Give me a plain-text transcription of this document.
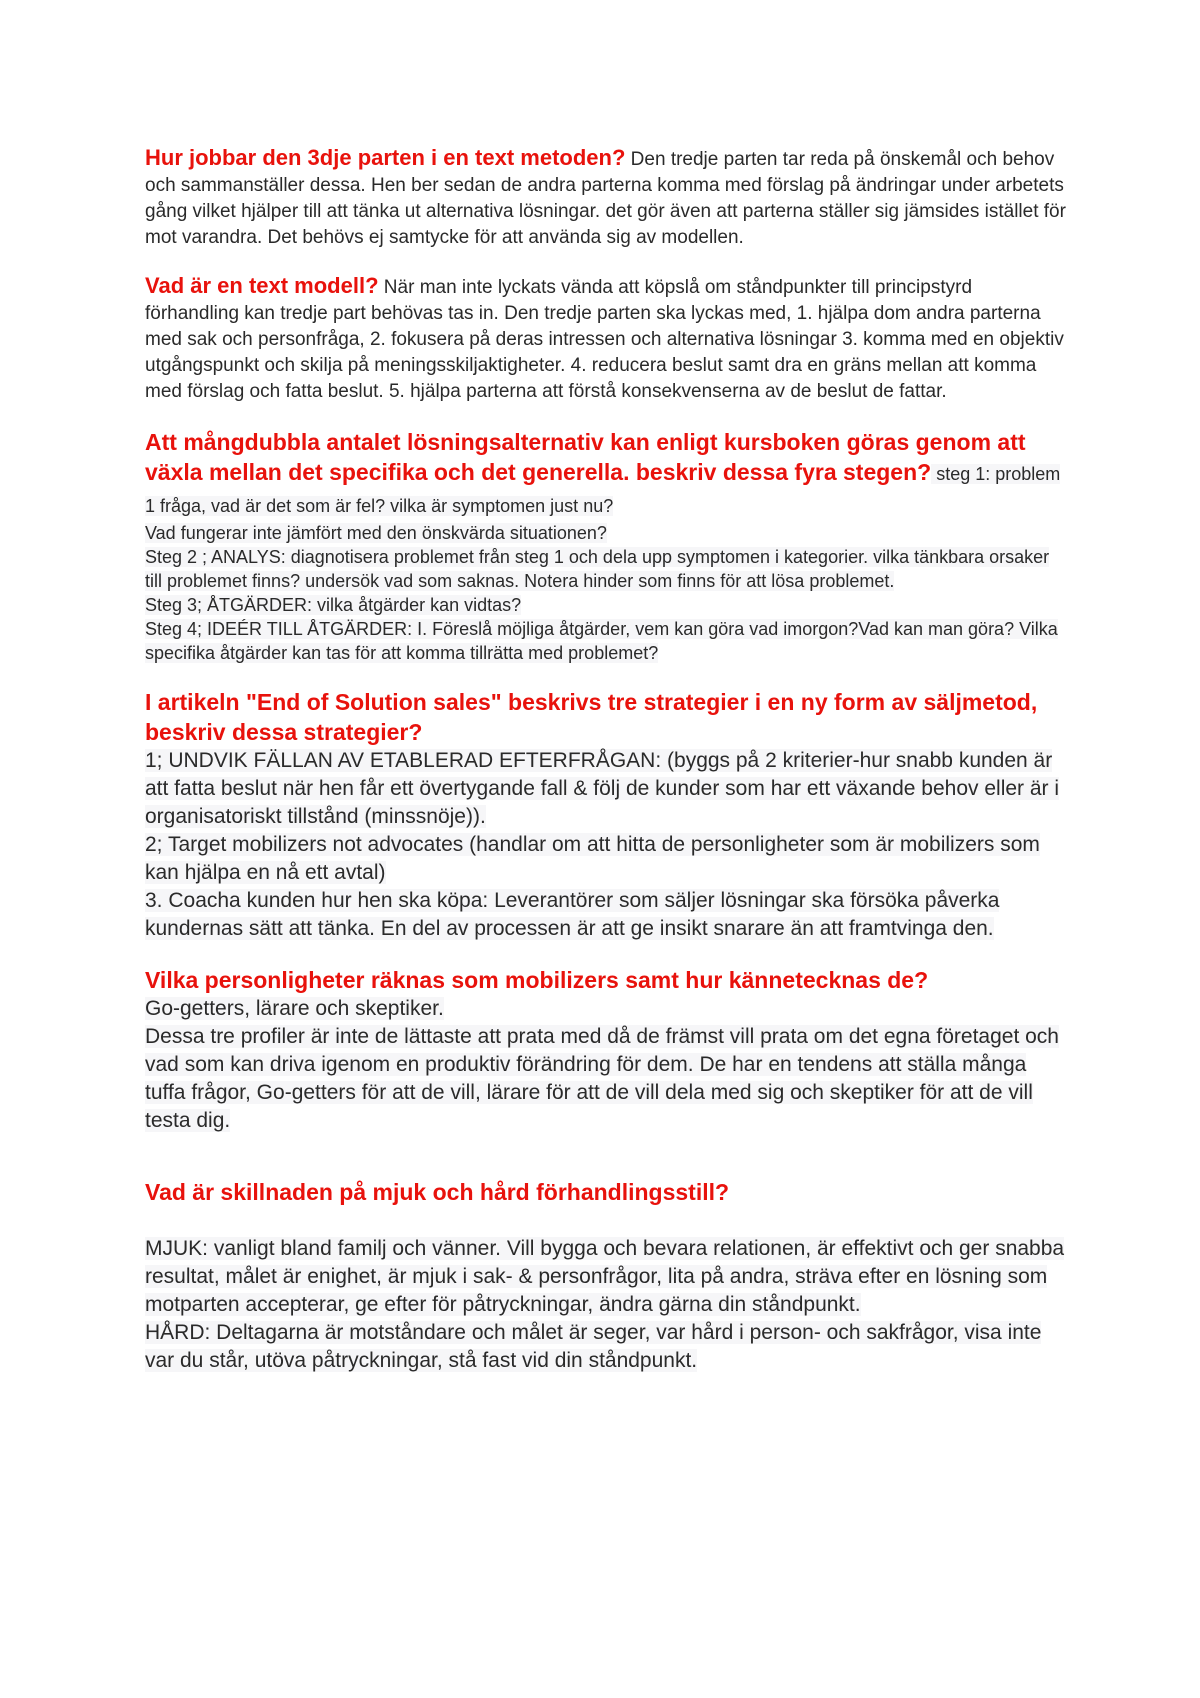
Hur jobbar den 3dje parten i en text metoden? Den tredje parten tar reda på önskemål och behov och sammanställer dessa. Hen ber sedan de andra parterna komma med förslag på ändringar under arbetets gång vilket hjälper till att tänka ut alternativa lösningar. det gör även att parterna ställer sig jämsides istället för mot varandra. Det behövs ej samtycke för att använda sig av modellen.

Vad är en text modell? När man inte lyckats vända att köpslå om ståndpunkter till principstyrd förhandling kan tredje part behövas tas in. Den tredje parten ska lyckas med, 1. hjälpa dom andra parterna med sak och personfråga, 2. fokusera på deras intressen och alternativa lösningar 3. komma med en objektiv utgångspunkt och skilja på meningsskiljaktigheter. 4. reducera beslut samt dra en gräns mellan att komma med förslag och fatta beslut. 5. hjälpa parterna att förstå konsekvenserna av de beslut de fattar.

Att mångdubbla antalet lösningsalternativ kan enligt kursboken göras genom att växla mellan det specifika och det generella. beskriv dessa fyra stegen? steg 1: problem 1 fråga, vad är det som är fel? vilka är symptomen just nu?
Vad fungerar inte jämfört med den önskvärda situationen?
Steg 2 ; ANALYS: diagnotisera problemet från steg 1 och dela upp symptomen i kategorier. vilka tänkbara orsaker till problemet finns? undersök vad som saknas. Notera hinder som finns för att lösa problemet.
Steg 3; ÅTGÄRDER: vilka åtgärder kan vidtas?
Steg 4; IDEÉR TILL ÅTGÄRDER: I. Föreslå möjliga åtgärder, vem kan göra vad imorgon?Vad kan man göra? Vilka specifika åtgärder kan tas för att komma tillrätta med problemet?
I artikeln "End of Solution sales" beskrivs tre strategier i en ny form av säljmetod, beskriv dessa strategier?
1; UNDVIK FÄLLAN AV ETABLERAD EFTERFRÅGAN: (byggs på 2 kriterier-hur snabb kunden är att fatta beslut när hen får ett övertygande fall & följ de kunder som har ett växande behov eller är i organisatoriskt tillstånd (minssnöje)).
2; Target mobilizers not advocates (handlar om att hitta de personligheter som är mobilizers som kan hjälpa en nå ett avtal)
3. Coacha kunden hur hen ska köpa: Leverantörer som säljer lösningar ska försöka påverka kundernas sätt att tänka. En del av processen är att ge insikt snarare än att framtvinga den.
Vilka personligheter räknas som mobilizers samt hur kännetecknas de?
Go-getters, lärare och skeptiker.
Dessa tre profiler är inte de lättaste att prata med då de främst vill prata om det egna företaget och vad som kan driva igenom en produktiv förändring för dem. De har en tendens att ställa många tuffa frågor, Go-getters för att de vill, lärare för att de vill dela med sig och skeptiker för att de vill testa dig.
Vad är skillnaden på mjuk och hård förhandlingsstill?
MJUK: vanligt bland familj och vänner. Vill bygga och bevara relationen, är effektivt och ger snabba resultat, målet är enighet, är mjuk i sak- & personfrågor, lita på andra, sträva efter en lösning som motparten accepterar, ge efter för påtryckningar, ändra gärna din ståndpunkt.
HÅRD: Deltagarna är motståndare och målet är seger, var hård i person- och sakfrågor, visa inte var du står, utöva påtryckningar, stå fast vid din ståndpunkt.
